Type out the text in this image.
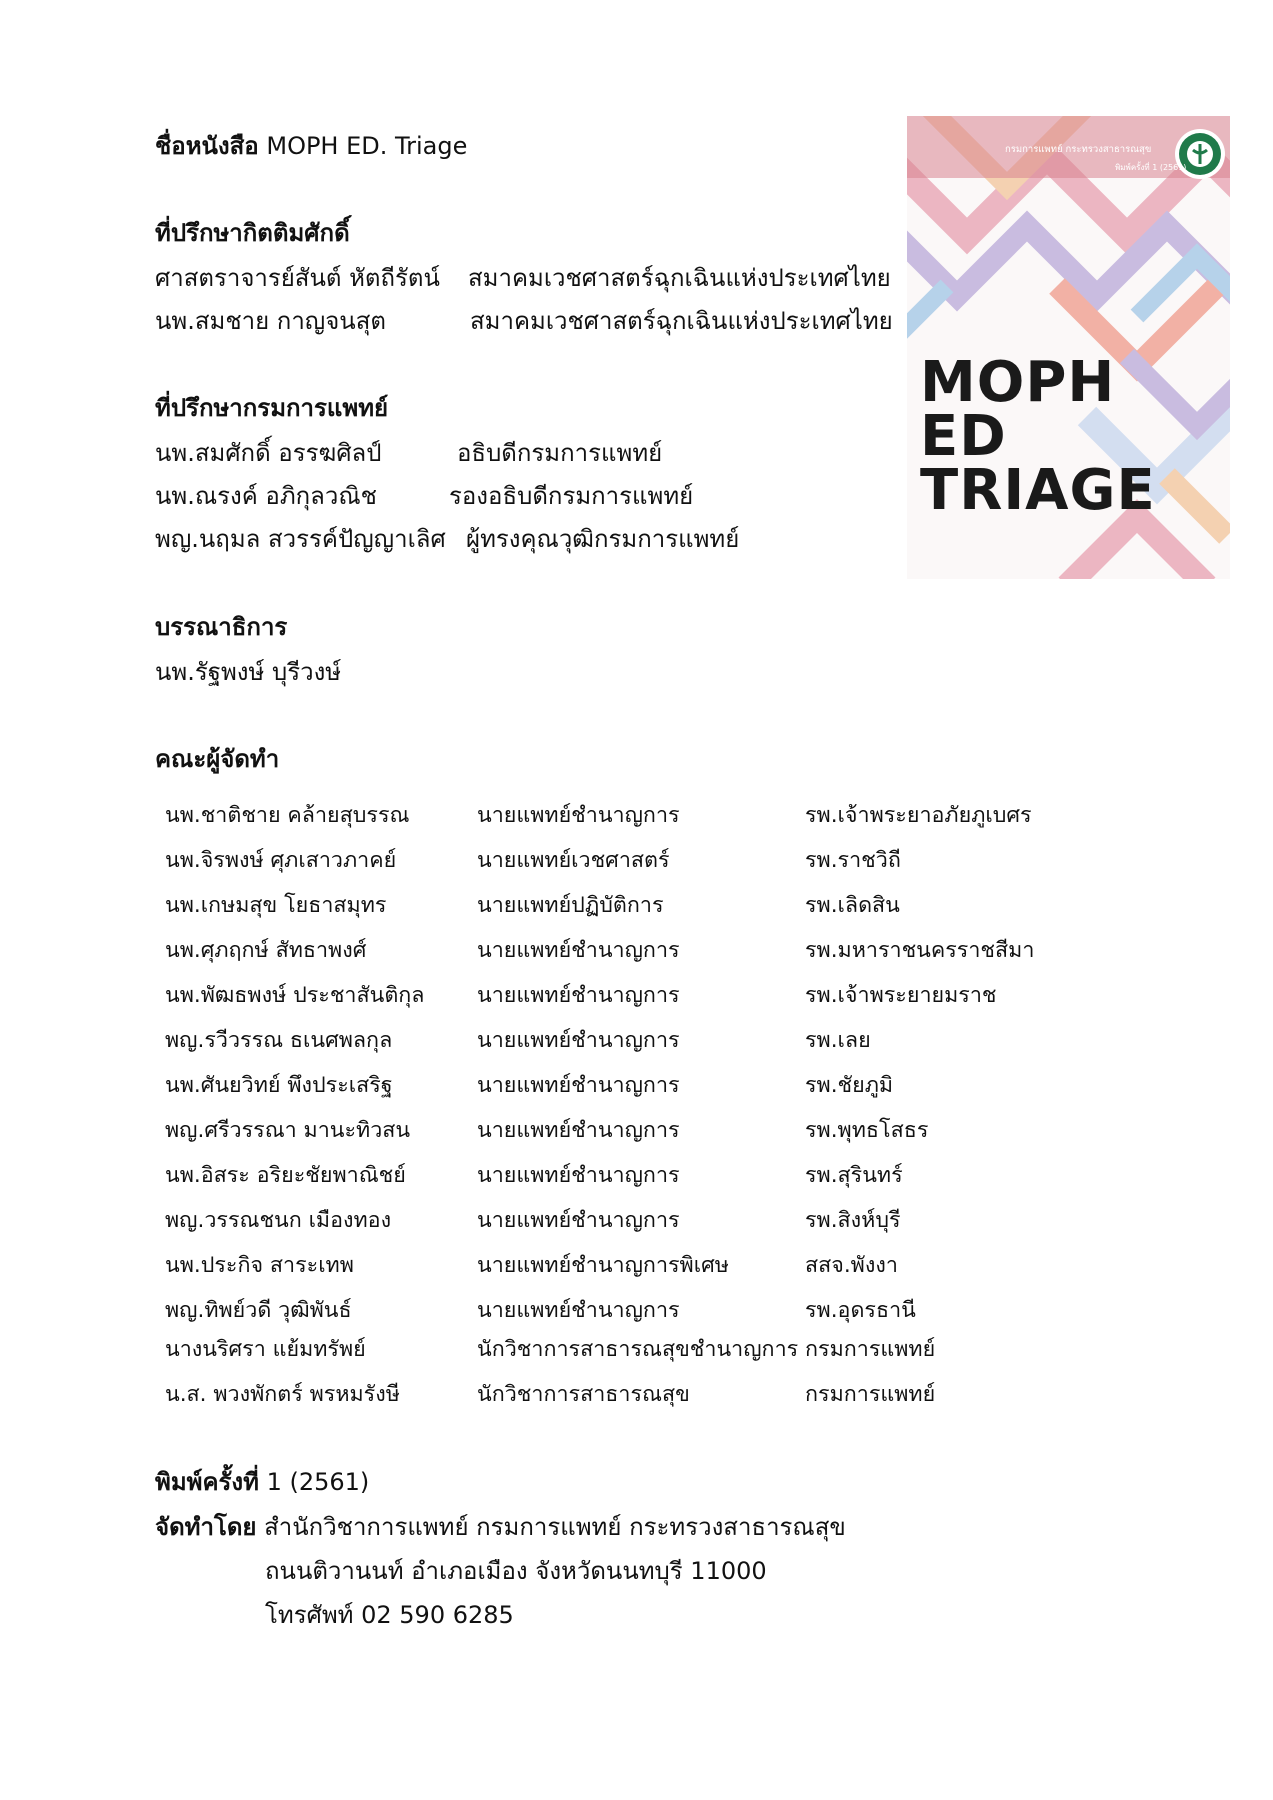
ชื่อหนังสือ MOPH ED. Triage
ที่ปรึกษากิตติมศักดิ์
ศาสตราจารย์สันต์ หัตถีรัตน์ สมาคมเวชศาสตร์ฉุกเฉินแห่งประเทศไทย
นพ.สมชาย กาญจนสุต	สมาคมเวชศาสตร์ฉุกเฉินแห่งประเทศไทย
ที่ปรึกษากรมการแพทย์
นพ.สมศักดิ์ อรรฆศิลป์	อธิบดีกรมการแพทย์
นพ.ณรงค์ อภิกุลวณิช	รองอธิบดีกรมการแพทย์
พญ.นฤมล สวรรค์ปัญญาเลิศ ผู้ทรงคุณวุฒิกรมการแพทย์
บรรณาธิการ
นพ.รัฐพงษ์ บุรีวงษ์
คณะผู้จัดทำ
นพ.ชาติชาย คล้ายสุบรรณ	นายแพทย์ชำนาญการ	รพ.เจ้าพระยาอภัยภูเบศร
นพ.จิรพงษ์ ศุภเสาวภาคย์	นายแพทย์เวชศาสตร์	รพ.ราชวิถี
นพ.เกษมสุข โยธาสมุทร	นายแพทย์ปฏิบัติการ	รพ.เลิดสิน
นพ.ศุภฤกษ์ สัทธาพงศ์	นายแพทย์ชำนาญการ	รพ.มหาราชนครราชสีมา
นพ.พัฒธพงษ์ ประชาสันติกุล นายแพทย์ชำนาญการ	รพ.เจ้าพระยายมราช
พญ.รวีวรรณ ธเนศพลกุล	นายแพทย์ชำนาญการ	รพ.เลย
นพ.ศันยวิทย์ พึงประเสริฐ	นายแพทย์ชำนาญการ	รพ.ชัยภูมิ
พญ.ศรีวรรณา มานะทิวสน	นายแพทย์ชำนาญการ	รพ.พุทธโสธร
นพ.อิสระ อริยะชัยพาณิชย์	นายแพทย์ชำนาญการ	รพ.สุรินทร์
พญ.วรรณชนก เมืองทอง	นายแพทย์ชำนาญการ	รพ.สิงห์บุรี
นพ.ประกิจ สาระเทพ	นายแพทย์ชำนาญการพิเศษ	สสจ.พังงา
พญ.ทิพย์วดี วุฒิพันธ์	นายแพทย์ชำนาญการ	รพ.อุดรธานี
นางนริศรา แย้มทรัพย์	นักวิชาการสาธารณสุขชำนาญการ กรมการแพทย์
น.ส. พวงพักตร์ พรหมรังษี	นักวิชาการสาธารณสุข	กรมการแพทย์
พิมพ์ครั้งที่ 1 (2561)
จัดทำโดย สำนักวิชาการแพทย์ กรมการแพทย์ กระทรวงสาธารณสุข
ถนนติวานนท์ อำเภอเมือง จังหวัดนนทบุรี 11000
โทรศัพท์ 02 590 6285
กรมการแพทย์ กระทรวงสาธารณสุข
พิมพ์ครั้งที่ 1 (2561)
MOPH
ED
TRIAGE
